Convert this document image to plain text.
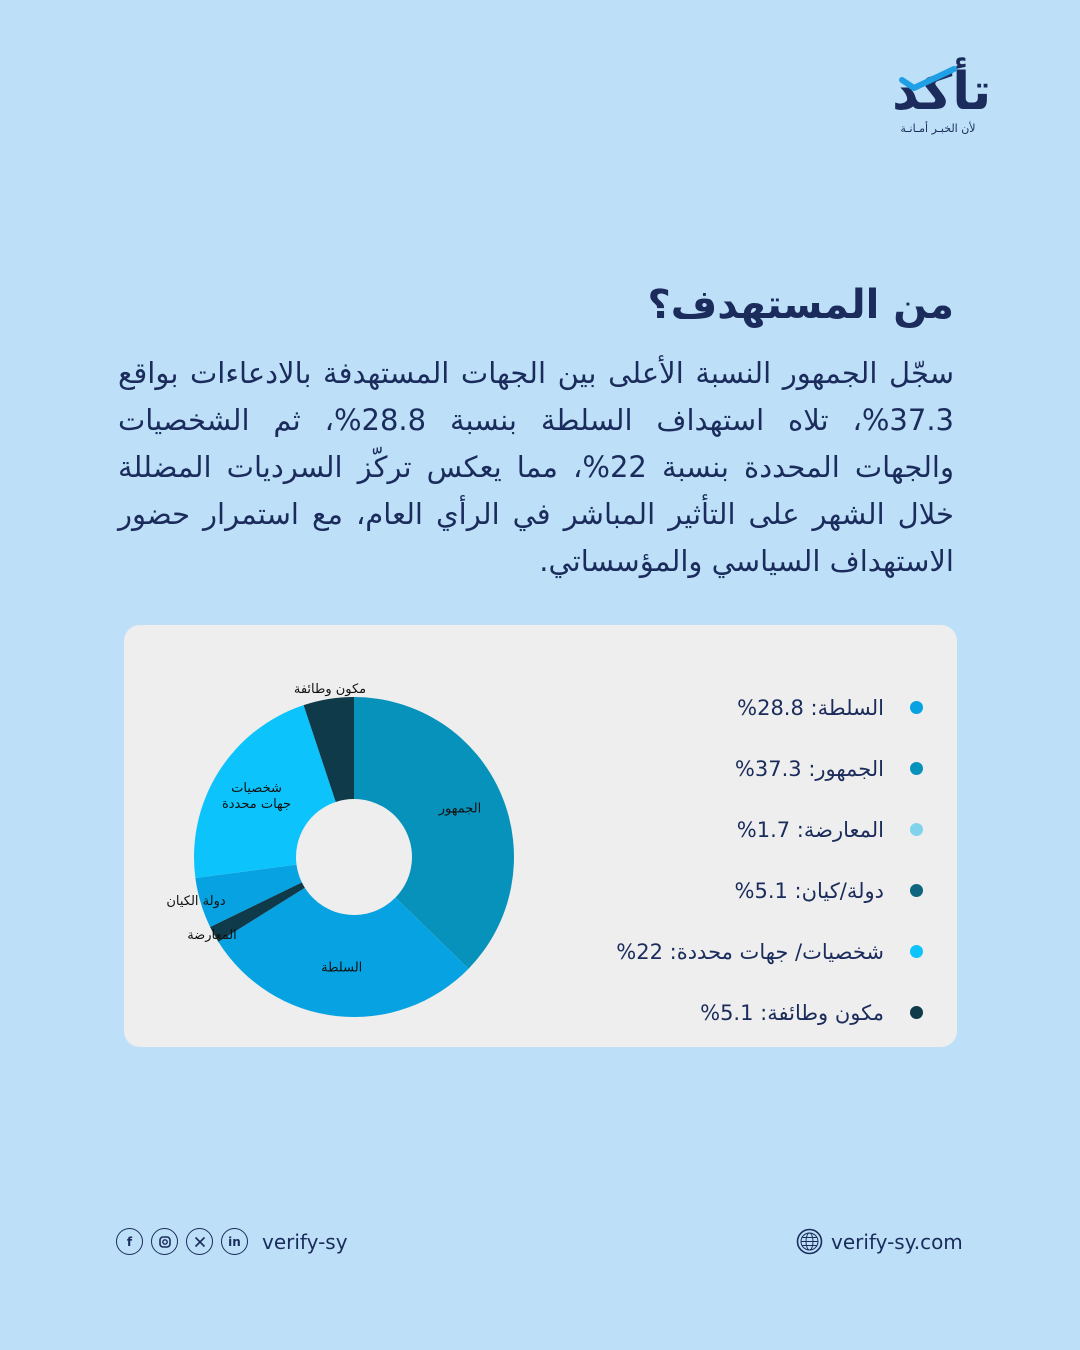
تأكد
لأن الخبـر أمـانـة
من المستهدف؟

سجّل الجمهور النسبة الأعلى بين الجهات المستهدفة بالادعاءات بواقع 37.3%، تلاه استهداف السلطة بنسبة 28.8%، ثم الشخصيات والجهات المحددة بنسبة 22%، مما يعكس تركّز السرديات المضللة خلال الشهر على التأثير المباشر في الرأي العام، مع استمرار حضور الاستهداف السياسي والمؤسساتي.

الجمهور
السلطة
المعارضة
دولة الكيان
شخصيات جهات محددة
مكون وطائفة
السلطة: 28.8%
الجمهور: 37.3%
المعارضة: 1.7%
دولة/كيان: 5.1%
شخصيات/ جهات محددة: 22%
مكون وطائفة: 5.1%
f	in	verify-sy	verify-sy.com
